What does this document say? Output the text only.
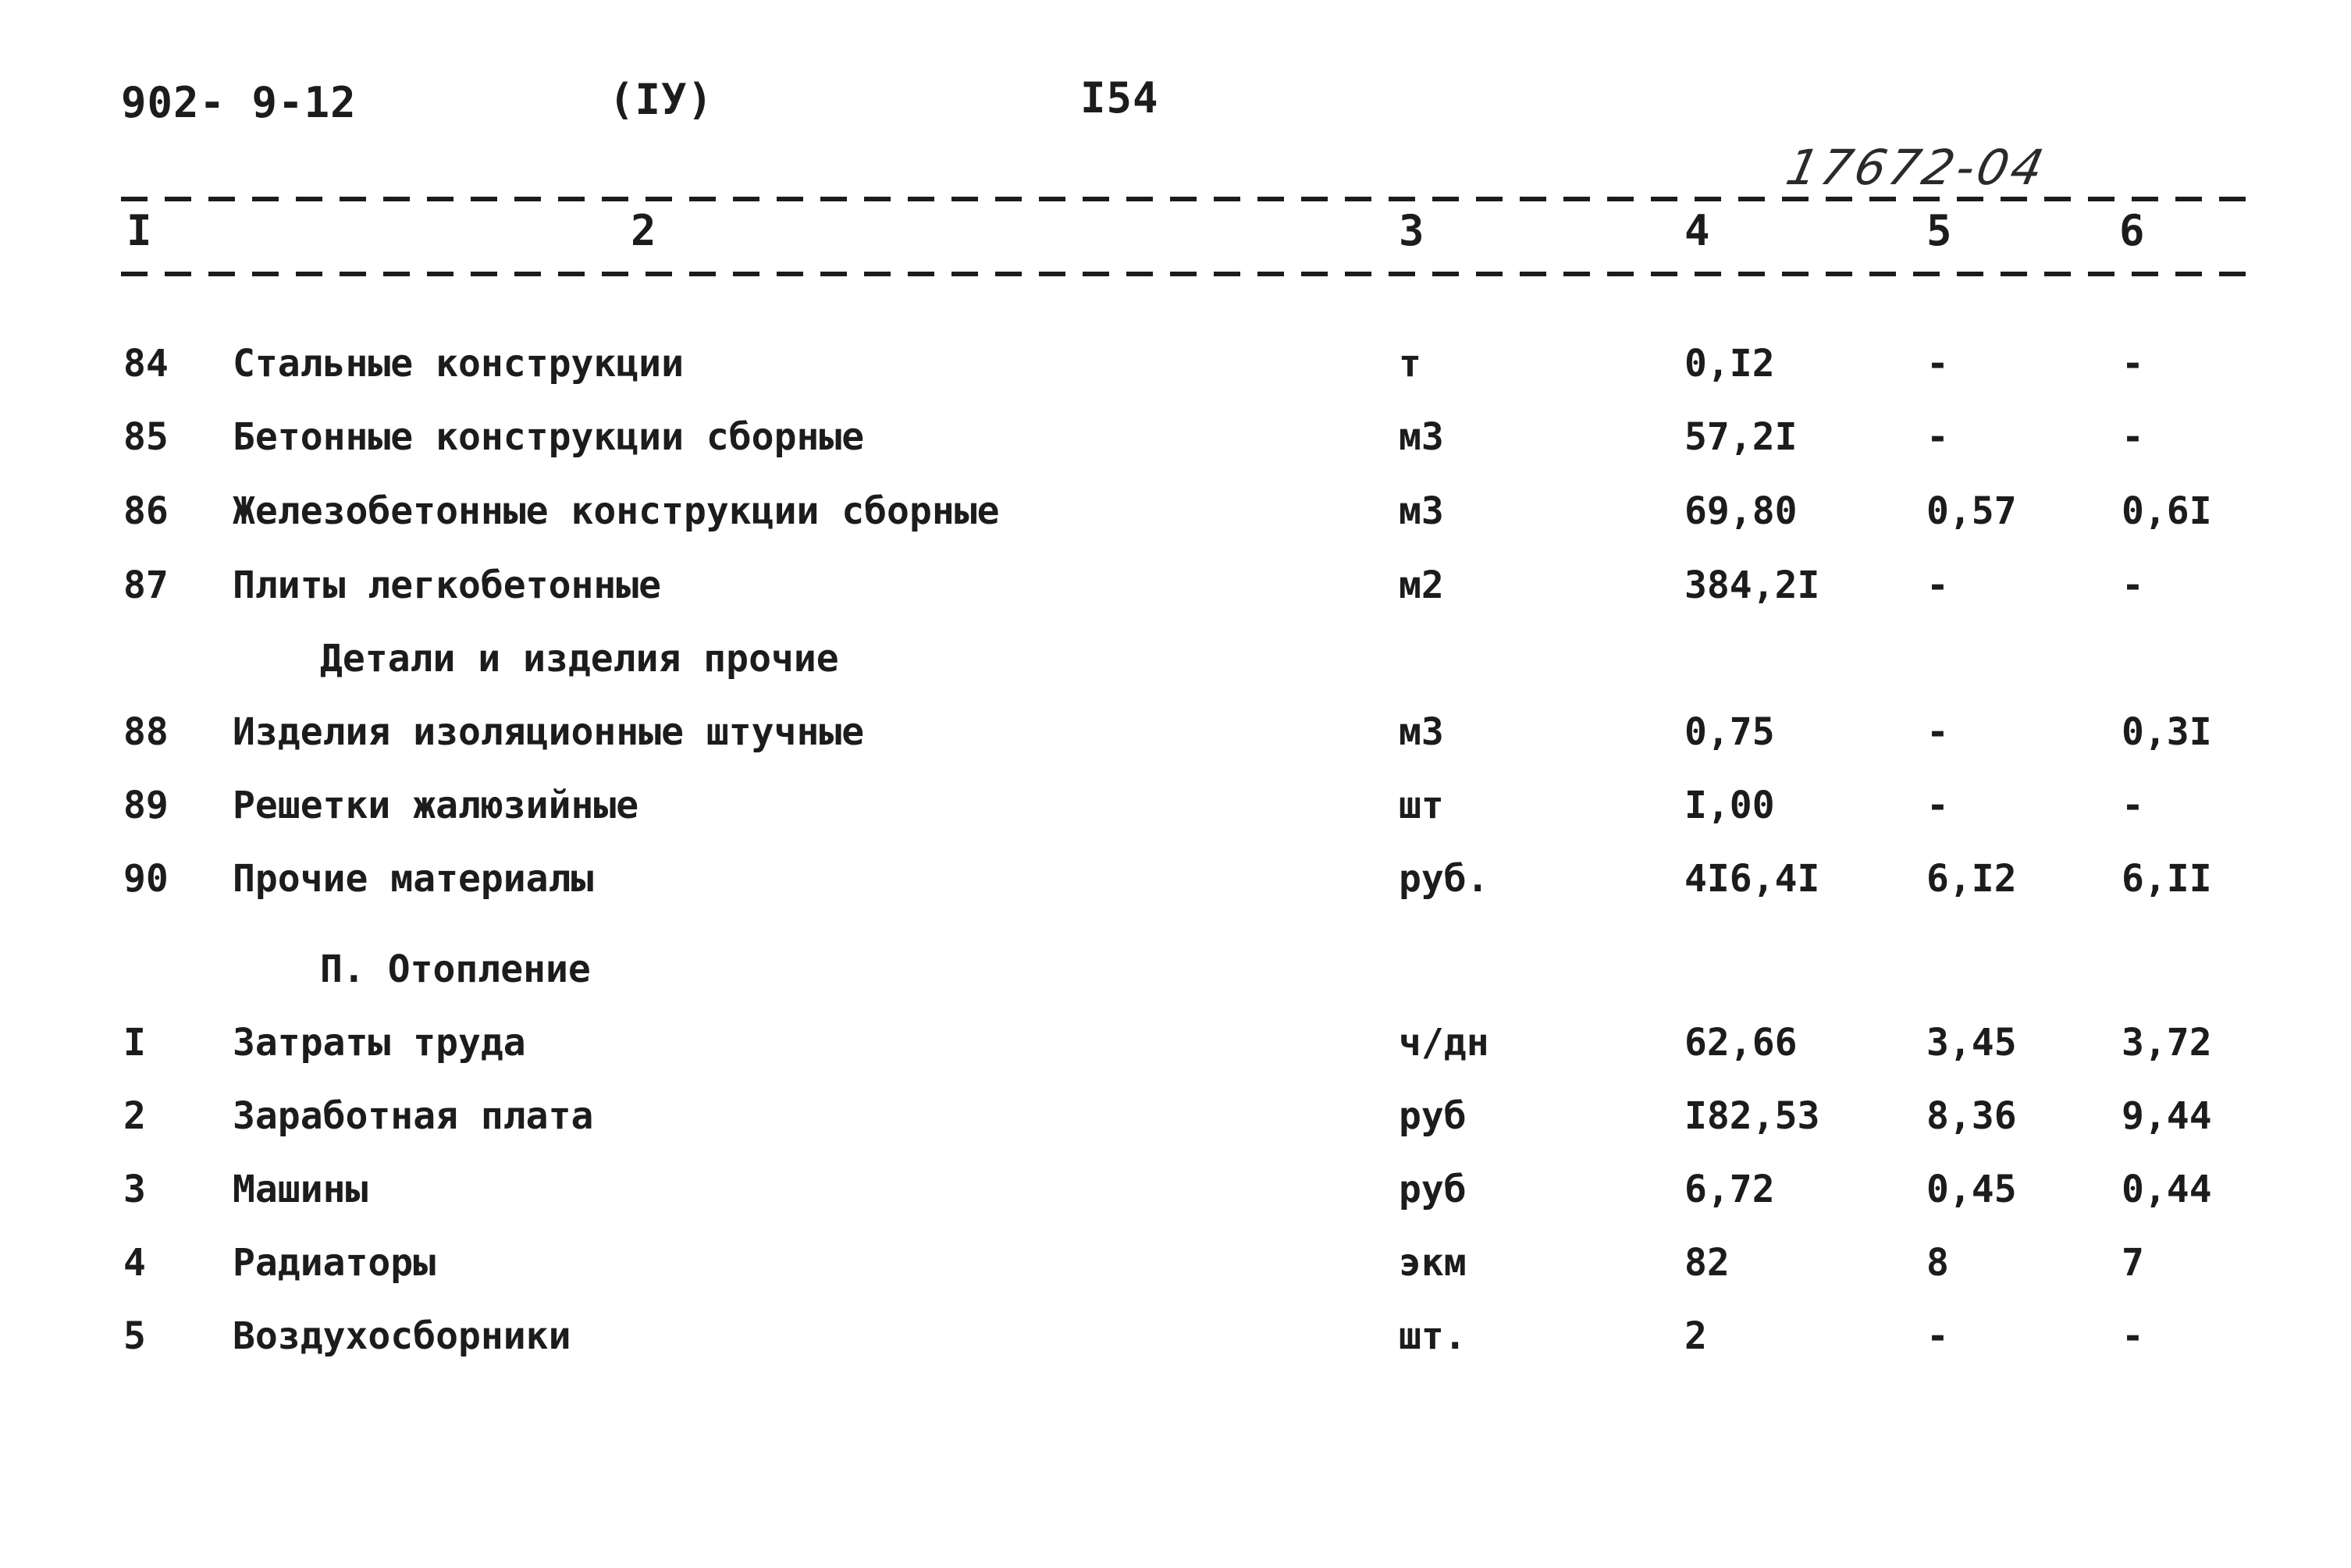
902- 9-12	(IУ)	I54
17672-04
I	2	3	4	5	6
84 Стальные конструкции	т	0,I2	-	-
85 Бетонные конструкции сборные	м3	57,2I	-	-
86 Железобетонные конструкции сборные	м3	69,80	0,57	0,6I
87 Плиты легкобетонные	м2	384,2I	-	-
Детали и изделия прочие
88 Изделия изоляционные штучные	м3	0,75	-	0,3I
89 Решетки жалюзийные	шт	I,00	-	-
90 Прочие материалы	руб.	4I6,4I	6,I2	6,II
П. Отопление
I Затраты труда	ч/дн	62,66	3,45	3,72
2 Заработная плата	руб	I82,53	8,36	9,44
3 Машины	руб	6,72	0,45	0,44
4 Радиаторы	экм	82	8	7
5 Воздухосборники	шт.	2	-	-
